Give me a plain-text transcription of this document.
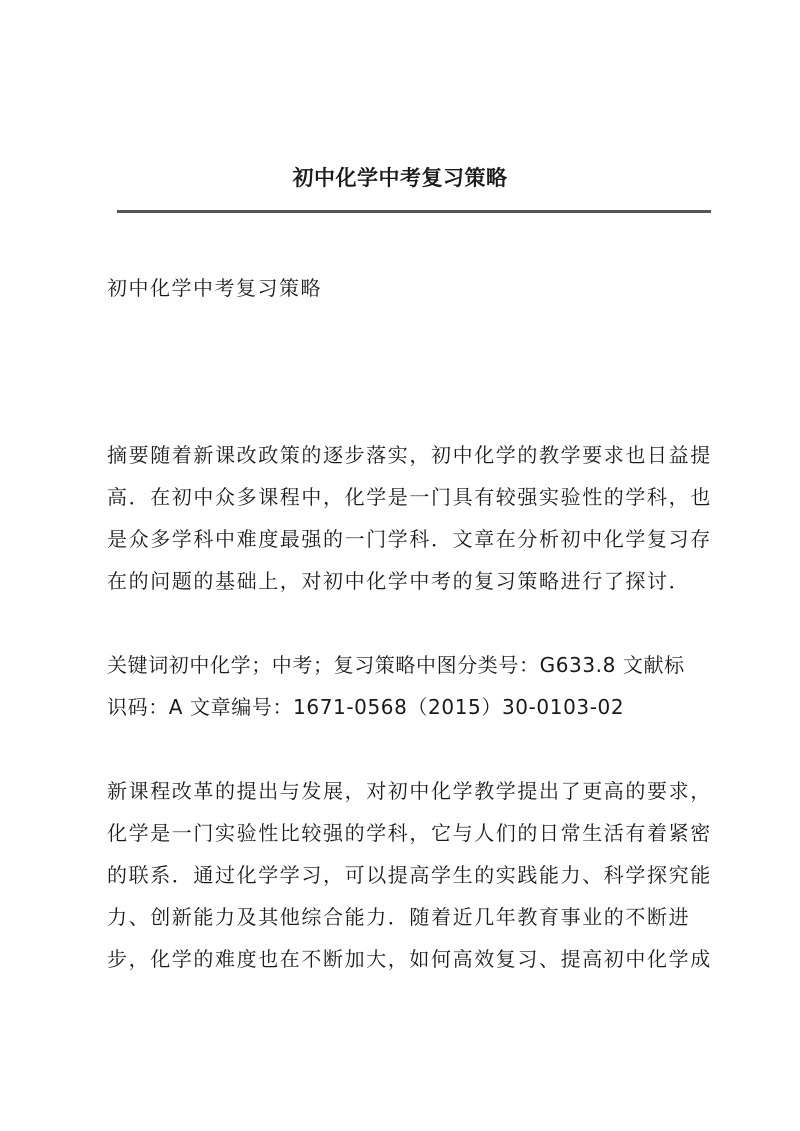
初中化学中考复习策略
初中化学中考复习策略
摘要随着新课改政策的逐步落实，初中化学的教学要求也日益提
高．在初中众多课程中，化学是一门具有较强实验性的学科，也
是众多学科中难度最强的一门学科．文章在分析初中化学复习存
在的问题的基础上，对初中化学中考的复习策略进行了探讨．
关键词初中化学；中考；复习策略中图分类号：G633.8 文献标
识码：A 文章编号：1671-0568（2015）30-0103-02
新课程改革的提出与发展，对初中化学教学提出了更高的要求，
化学是一门实验性比较强的学科，它与人们的日常生活有着紧密
的联系．通过化学学习，可以提高学生的实践能力、科学探究能
力、创新能力及其他综合能力．随着近几年教育事业的不断进
步，化学的难度也在不断加大，如何高效复习、提高初中化学成
